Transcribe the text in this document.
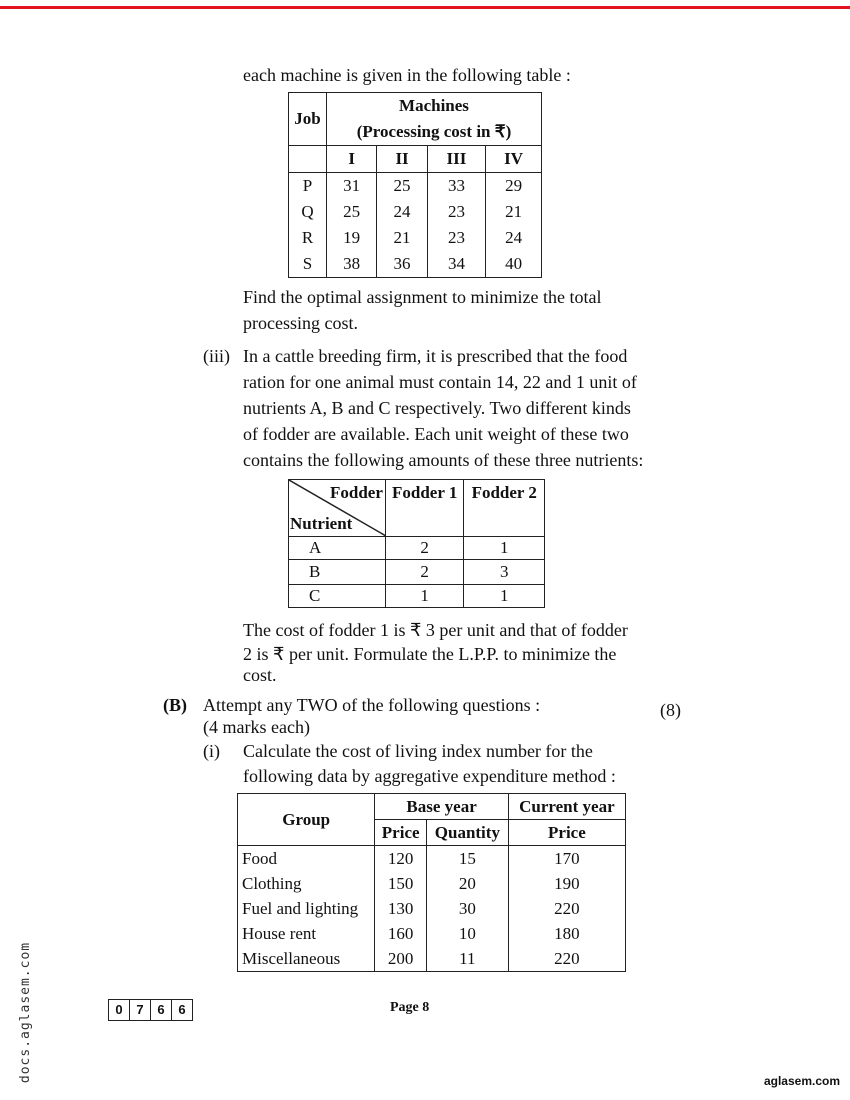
each machine is given in the following table :
Job	Machines			

	(Processing cost in ₹)			
	I	II	III	IV
P	31	25	33	29
Q	25	24	23	21
R	19	21	23	24
S	38	36	34	40
Find the optimal assignment to minimize the total
processing cost.
(iii) In a cattle breeding firm, it is prescribed that the food
ration for one animal must contain 14, 22 and 1 unit of
nutrients A, B and C respectively. Two different kinds
of fodder are available. Each unit weight of these two
contains the following amounts of these three nutrients:
Fodder
Nutrient	Fodder 1	Fodder 2
A	2	1
B	2	3
C	1	1
The cost of fodder 1 is ₹ 3 per unit and that of fodder
2 is ₹ per unit. Formulate the L.P.P. to minimize the
cost.
(B) Attempt any TWO of the following questions :	(8)
(4 marks each)
(i) Calculate the cost of living index number for the
following data by aggregative expenditure method :
Group	Base year		Current year
	Price	Quantity	Price
Food	120	15	170
Clothing	150	20	190
Fuel and lighting	130	30	220
House rent	160	10	180
Miscellaneous	200	11	220
0	7	6	6	Page 8
docs.aglasem.com	aglasem.com
